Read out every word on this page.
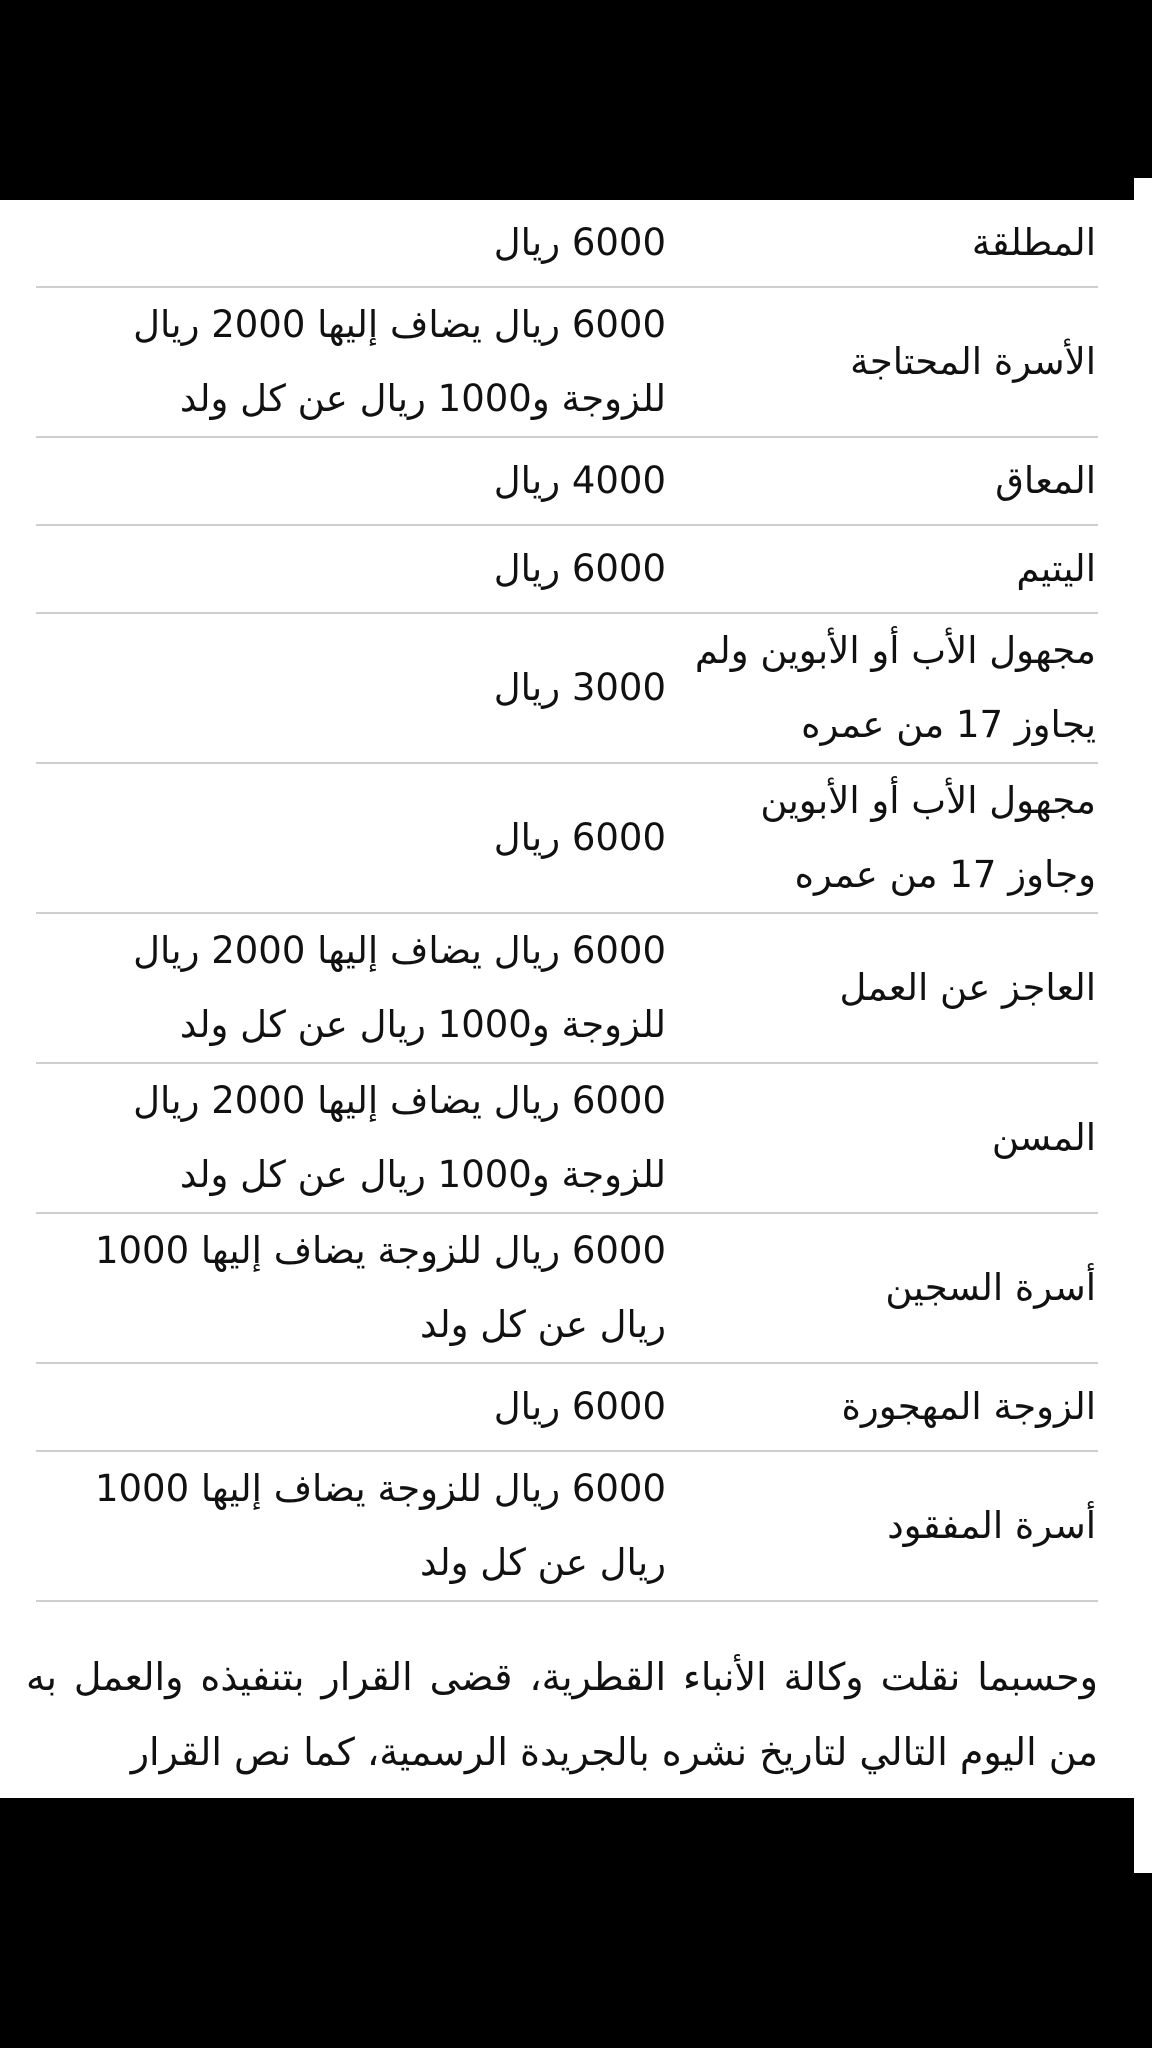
المطلقة	6000 ريال
الأسرة المحتاجة	6000 ريال يضاف إليها 2000 ريال للزوجة و1000 ريال عن كل ولد
المعاق	4000 ريال
اليتيم	6000 ريال
مجهول الأب أو الأبوين ولم يجاوز 17 من عمره	3000 ريال
مجهول الأب أو الأبوين وجاوز 17 من عمره	6000 ريال
العاجز عن العمل	6000 ريال يضاف إليها 2000 ريال للزوجة و1000 ريال عن كل ولد
المسن	6000 ريال يضاف إليها 2000 ريال للزوجة و1000 ريال عن كل ولد
أسرة السجين	6000 ريال للزوجة يضاف إليها 1000 ريال عن كل ولد
الزوجة المهجورة	6000 ريال
أسرة المفقود	6000 ريال للزوجة يضاف إليها 1000 ريال عن كل ولد

وحسبما نقلت وكالة الأنباء القطرية، قضى القرار بتنفيذه والعمل به من اليوم التالي لتاريخ نشره بالجريدة الرسمية، كما نص القرار
